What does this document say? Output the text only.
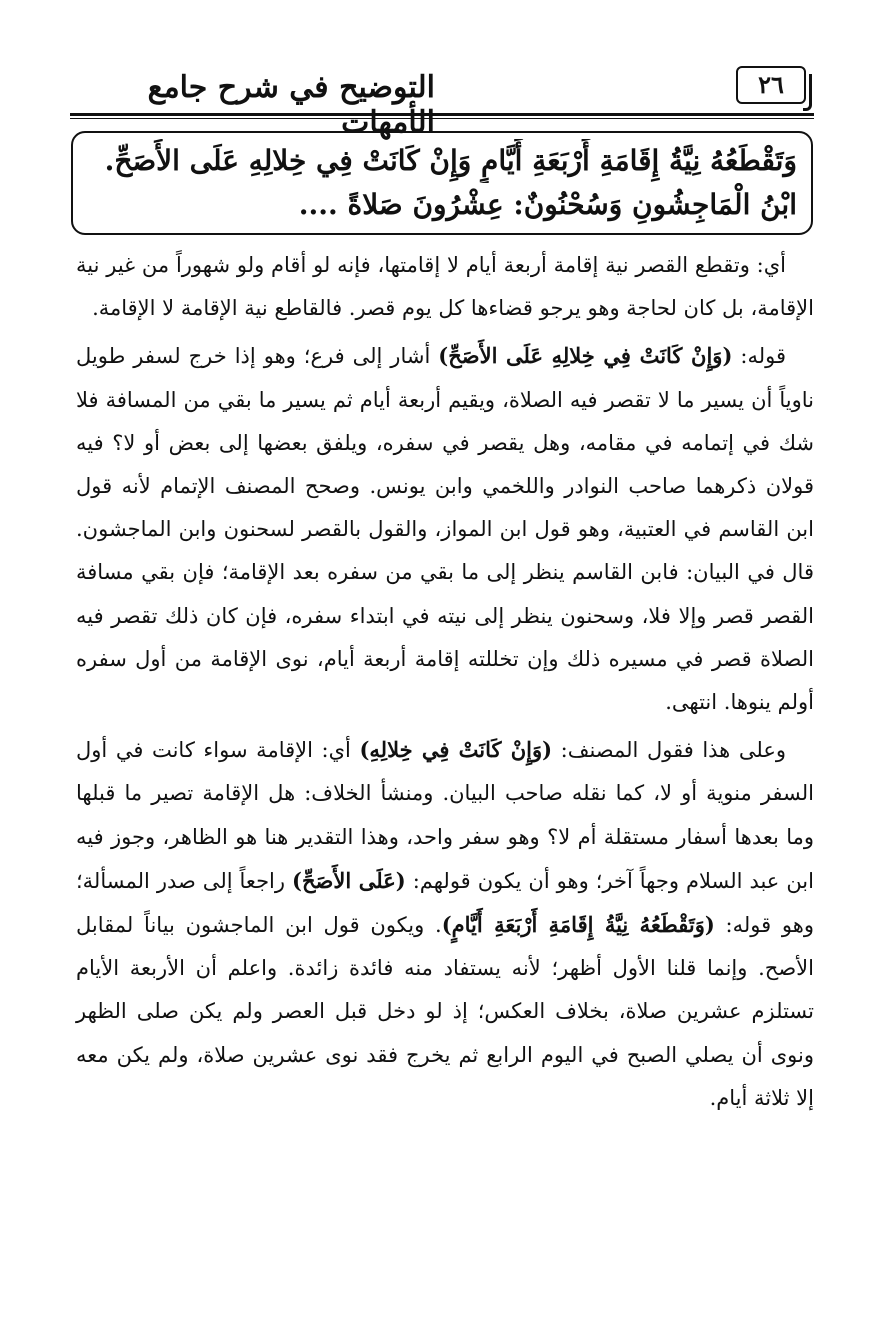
التوضيح في شرح جامع الأمهات
٢٦
وَتَقْطَعُهُ نِيَّةُ إِقَامَةِ أَرْبَعَةِ أَيَّامٍ وَإِنْ كَانَتْ فِي خِلالِهِ عَلَى الأَصَحِّ.
ابْنُ الْمَاجِشُونِ وَسُحْنُونٌ: عِشْرُونَ صَلاةً ....

أي: وتقطع القصر نية إقامة أربعة أيام لا إقامتها، فإنه لو أقام ولو شهوراً من غير نية الإقامة، بل كان لحاجة وهو يرجو قضاءها كل يوم قصر. فالقاطع نية الإقامة لا الإقامة.

قوله: (وَإِنْ كَانَتْ فِي خِلالِهِ عَلَى الأَصَحِّ) أشار إلى فرع؛ وهو إذا خرج لسفر طويل ناوياً أن يسير ما لا تقصر فيه الصلاة، ويقيم أربعة أيام ثم يسير ما بقي من المسافة فلا شك في إتمامه في مقامه، وهل يقصر في سفره، ويلفق بعضها إلى بعض أو لا؟ فيه قولان ذكرهما صاحب النوادر واللخمي وابن يونس. وصحح المصنف الإتمام لأنه قول ابن القاسم في العتبية، وهو قول ابن المواز، والقول بالقصر لسحنون وابن الماجشون. قال في البيان: فابن القاسم ينظر إلى ما بقي من سفره بعد الإقامة؛ فإن بقي مسافة القصر قصر وإلا فلا، وسحنون ينظر إلى نيته في ابتداء سفره، فإن كان ذلك تقصر فيه الصلاة قصر في مسيره ذلك وإن تخللته إقامة أربعة أيام، نوى الإقامة من أول سفره أولم ينوها. انتهى.

وعلى هذا فقول المصنف: (وَإِنْ كَانَتْ فِي خِلالِهِ) أي: الإقامة سواء كانت في أول السفر منوية أو لا، كما نقله صاحب البيان. ومنشأ الخلاف: هل الإقامة تصير ما قبلها وما بعدها أسفار مستقلة أم لا؟ وهو سفر واحد، وهذا التقدير هنا هو الظاهر، وجوز فيه ابن عبد السلام وجهاً آخر؛ وهو أن يكون قولهم: (عَلَى الأَصَحِّ) راجعاً إلى صدر المسألة؛ وهو قوله: (وَتَقْطَعُهُ نِيَّةُ إِقَامَةِ أَرْبَعَةِ أَيَّامٍ). ويكون قول ابن الماجشون بياناً لمقابل الأصح. وإنما قلنا الأول أظهر؛ لأنه يستفاد منه فائدة زائدة. واعلم أن الأربعة الأيام تستلزم عشرين صلاة، بخلاف العكس؛ إذ لو دخل قبل العصر ولم يكن صلى الظهر ونوى أن يصلي الصبح في اليوم الرابع ثم يخرج فقد نوى عشرين صلاة، ولم يكن معه إلا ثلاثة أيام.
